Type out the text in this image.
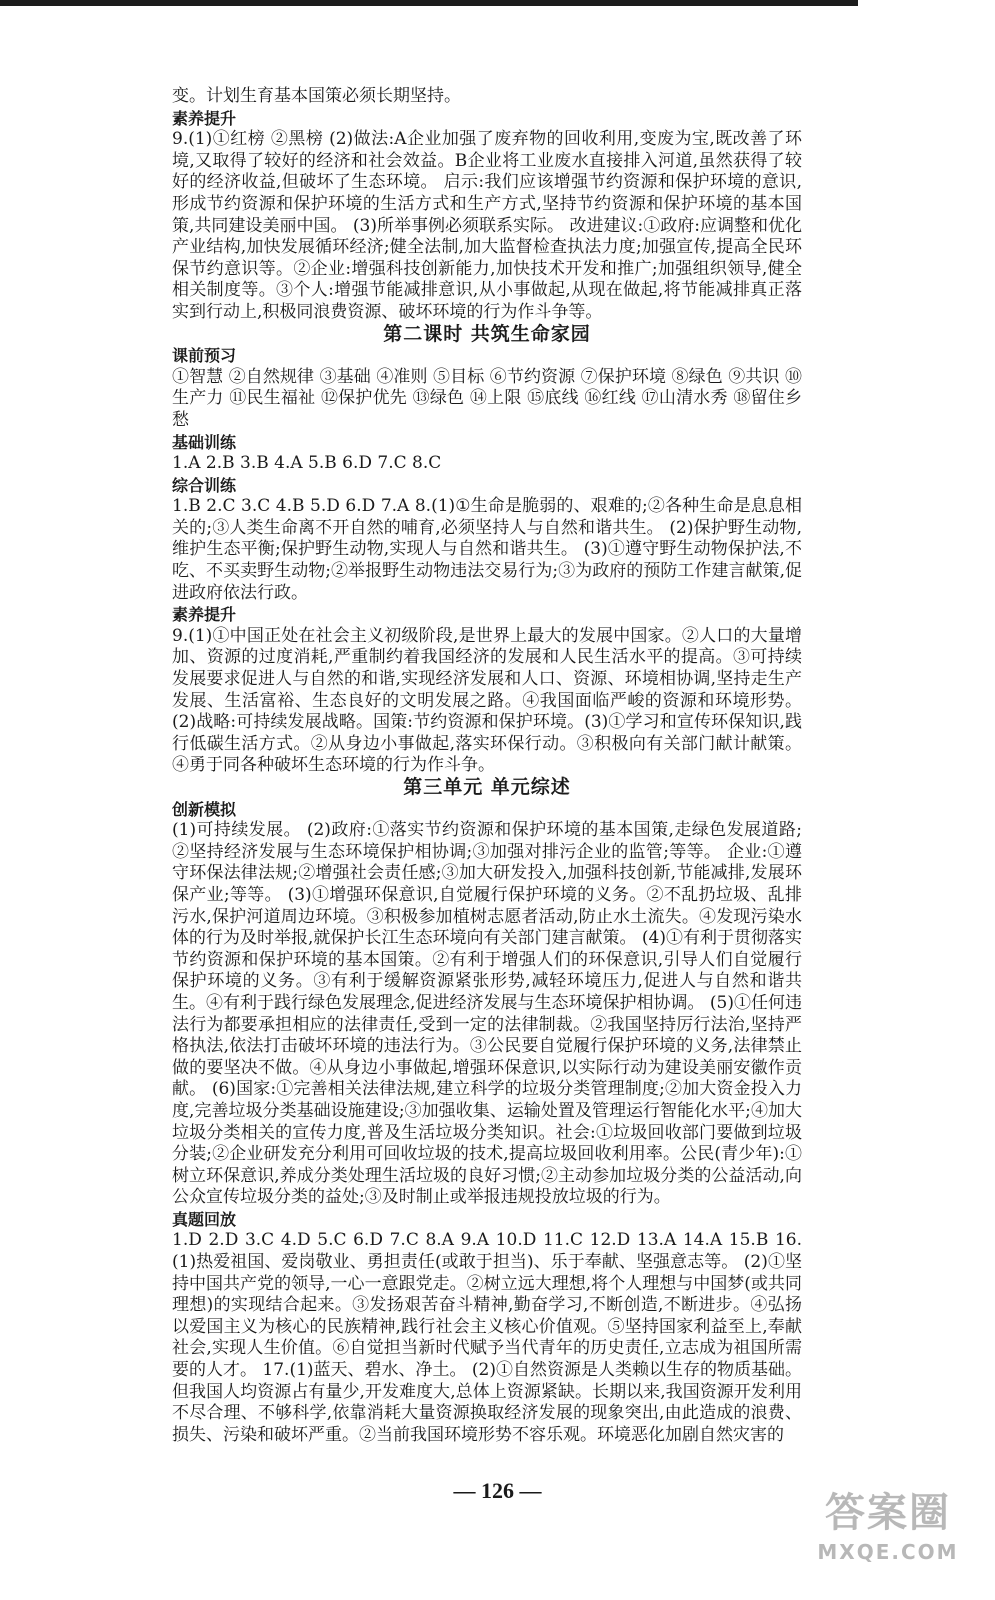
变。计划生育基本国策必须长期坚持。

素养提升

9.(1)①红榜 ②黑榜 (2)做法:A企业加强了废弃物的回收利用,变废为宝,既改善了环境,又取得了较好的经济和社会效益。B企业将工业废水直接排入河道,虽然获得了较好的经济收益,但破坏了生态环境。 启示:我们应该增强节约资源和保护环境的意识,形成节约资源和保护环境的生活方式和生产方式,坚持节约资源和保护环境的基本国策,共同建设美丽中国。 (3)所举事例必须联系实际。 改进建议:①政府:应调整和优化产业结构,加快发展循环经济;健全法制,加大监督检查执法力度;加强宣传,提高全民环保节约意识等。②企业:增强科技创新能力,加快技术开发和推广;加强组织领导,健全相关制度等。③个人:增强节能减排意识,从小事做起,从现在做起,将节能减排真正落实到行动上,积极同浪费资源、破坏环境的行为作斗争等。

第二课时 共筑生命家园

课前预习

①智慧 ②自然规律 ③基础 ④准则 ⑤目标 ⑥节约资源 ⑦保护环境 ⑧绿色 ⑨共识 ⑩生产力 ⑪民生福祉 ⑫保护优先 ⑬绿色 ⑭上限 ⑮底线 ⑯红线 ⑰山清水秀 ⑱留住乡愁

基础训练

1.A 2.B 3.B 4.A 5.B 6.D 7.C 8.C

综合训练

1.B 2.C 3.C 4.B 5.D 6.D 7.A 8.(1)①生命是脆弱的、艰难的;②各种生命是息息相关的;③人类生命离不开自然的哺育,必须坚持人与自然和谐共生。 (2)保护野生动物,维护生态平衡;保护野生动物,实现人与自然和谐共生。 (3)①遵守野生动物保护法,不吃、不买卖野生动物;②举报野生动物违法交易行为;③为政府的预防工作建言献策,促进政府依法行政。

素养提升

9.(1)①中国正处在社会主义初级阶段,是世界上最大的发展中国家。②人口的大量增加、资源的过度消耗,严重制约着我国经济的发展和人民生活水平的提高。③可持续发展要求促进人与自然的和谐,实现经济发展和人口、资源、环境相协调,坚持走生产发展、生活富裕、生态良好的文明发展之路。④我国面临严峻的资源和环境形势。 (2)战略:可持续发展战略。国策:节约资源和保护环境。(3)①学习和宣传环保知识,践行低碳生活方式。②从身边小事做起,落实环保行动。③积极向有关部门献计献策。④勇于同各种破坏生态环境的行为作斗争。

第三单元 单元综述

创新模拟

(1)可持续发展。 (2)政府:①落实节约资源和保护环境的基本国策,走绿色发展道路;②坚持经济发展与生态环境保护相协调;③加强对排污企业的监管;等等。 企业:①遵守环保法律法规;②增强社会责任感;③加大研发投入,加强科技创新,节能减排,发展环保产业;等等。 (3)①增强环保意识,自觉履行保护环境的义务。②不乱扔垃圾、乱排污水,保护河道周边环境。③积极参加植树志愿者活动,防止水土流失。④发现污染水体的行为及时举报,就保护长江生态环境向有关部门建言献策。 (4)①有利于贯彻落实节约资源和保护环境的基本国策。②有利于增强人们的环保意识,引导人们自觉履行保护环境的义务。③有利于缓解资源紧张形势,减轻环境压力,促进人与自然和谐共生。④有利于践行绿色发展理念,促进经济发展与生态环境保护相协调。 (5)①任何违法行为都要承担相应的法律责任,受到一定的法律制裁。②我国坚持厉行法治,坚持严格执法,依法打击破坏环境的违法行为。③公民要自觉履行保护环境的义务,法律禁止做的要坚决不做。④从身边小事做起,增强环保意识,以实际行动为建设美丽安徽作贡献。 (6)国家:①完善相关法律法规,建立科学的垃圾分类管理制度;②加大资金投入力度,完善垃圾分类基础设施建设;③加强收集、运输处置及管理运行智能化水平;④加大垃圾分类相关的宣传力度,普及生活垃圾分类知识。社会:①垃圾回收部门要做到垃圾分装;②企业研发充分利用可回收垃圾的技术,提高垃圾回收利用率。公民(青少年):①树立环保意识,养成分类处理生活垃圾的良好习惯;②主动参加垃圾分类的公益活动,向公众宣传垃圾分类的益处;③及时制止或举报违规投放垃圾的行为。

真题回放

1.D 2.D 3.C 4.D 5.C 6.D 7.C 8.A 9.A 10.D 11.C 12.D 13.A 14.A 15.B 16.(1)热爱祖国、爱岗敬业、勇担责任(或敢于担当)、乐于奉献、坚强意志等。 (2)①坚持中国共产党的领导,一心一意跟党走。②树立远大理想,将个人理想与中国梦(或共同理想)的实现结合起来。③发扬艰苦奋斗精神,勤奋学习,不断创造,不断进步。④弘扬以爱国主义为核心的民族精神,践行社会主义核心价值观。⑤坚持国家利益至上,奉献社会,实现人生价值。⑥自觉担当新时代赋予当代青年的历史责任,立志成为祖国所需要的人才。 17.(1)蓝天、碧水、净土。 (2)①自然资源是人类赖以生存的物质基础。但我国人均资源占有量少,开发难度大,总体上资源紧缺。长期以来,我国资源开发利用不尽合理、不够科学,依靠消耗大量资源换取经济发展的现象突出,由此造成的浪费、损失、污染和破坏严重。②当前我国环境形势不容乐观。环境恶化加剧自然灾害的

— 126 —	答案圈
MXQE.COM
